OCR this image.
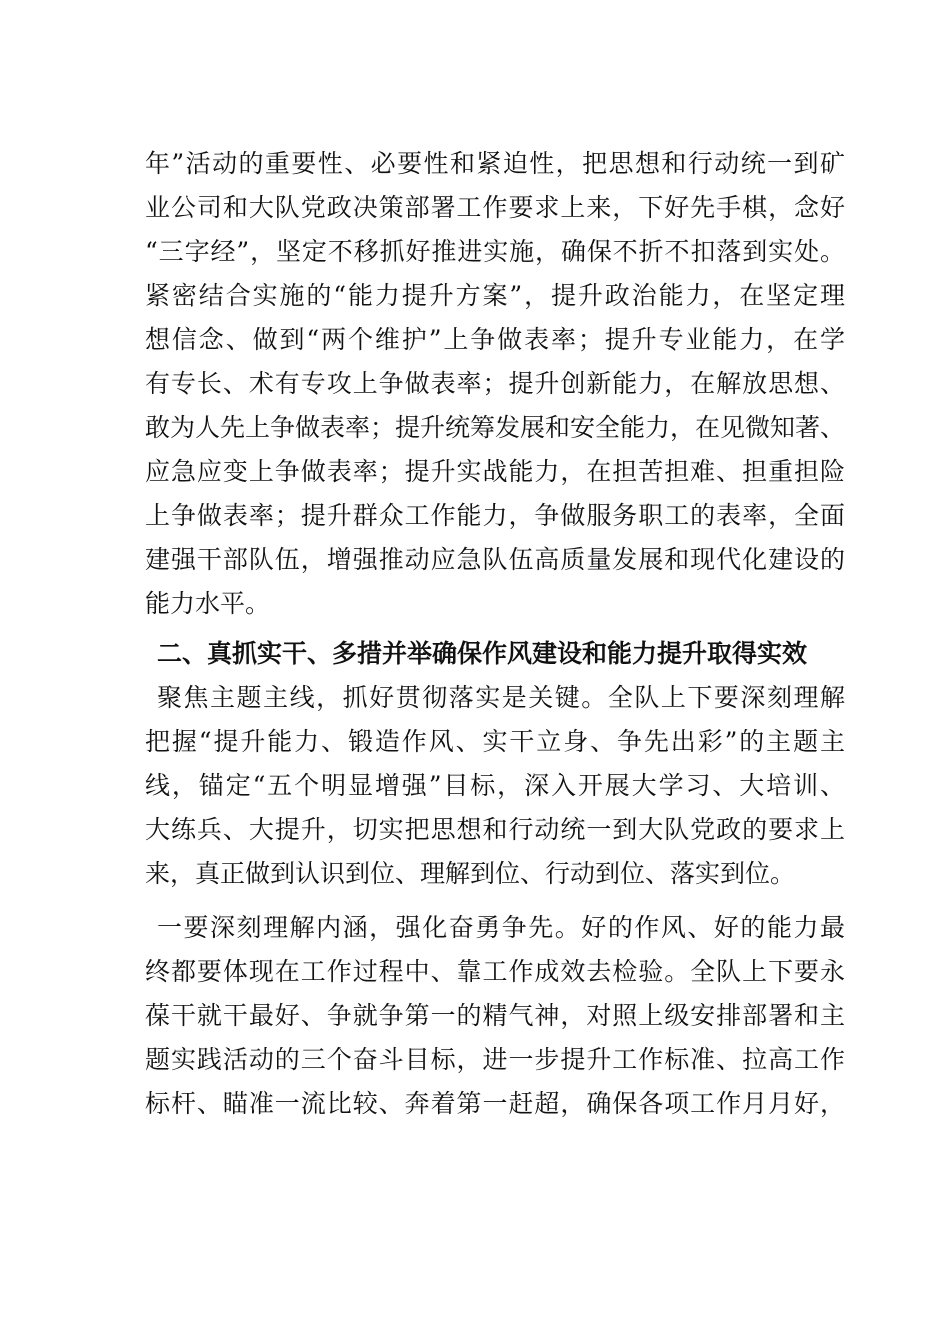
年”活动的重要性、必要性和紧迫性，把思想和行动统一到矿
业公司和大队党政决策部署工作要求上来，下好先手棋，念好
“三字经”，坚定不移抓好推进实施，确保不折不扣落到实处。
紧密结合实施的“能力提升方案”，提升政治能力，在坚定理
想信念、做到“两个维护”上争做表率；提升专业能力，在学
有专长、术有专攻上争做表率；提升创新能力，在解放思想、
敢为人先上争做表率；提升统筹发展和安全能力，在见微知著、
应急应变上争做表率；提升实战能力，在担苦担难、担重担险
上争做表率；提升群众工作能力，争做服务职工的表率，全面
建强干部队伍，增强推动应急队伍高质量发展和现代化建设的
能力水平。
二、真抓实干、多措并举确保作风建设和能力提升取得实效
聚焦主题主线，抓好贯彻落实是关键。全队上下要深刻理解
把握“提升能力、锻造作风、实干立身、争先出彩”的主题主
线，锚定“五个明显增强”目标，深入开展大学习、大培训、
大练兵、大提升，切实把思想和行动统一到大队党政的要求上
来，真正做到认识到位、理解到位、行动到位、落实到位。
一要深刻理解内涵，强化奋勇争先。好的作风、好的能力最
终都要体现在工作过程中、靠工作成效去检验。全队上下要永
葆干就干最好、争就争第一的精气神，对照上级安排部署和主
题实践活动的三个奋斗目标，进一步提升工作标准、拉高工作
标杆、瞄准一流比较、奔着第一赶超，确保各项工作月月好，
